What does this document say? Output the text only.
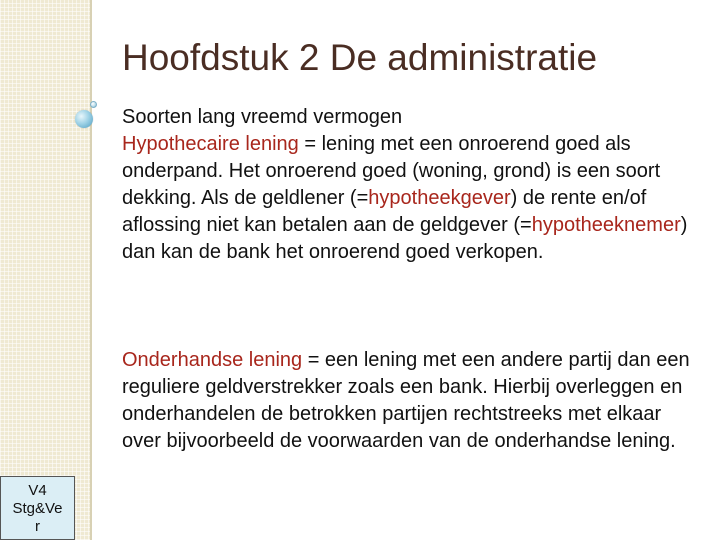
Hoofdstuk 2 De administratie

Soorten lang vreemd vermogen
Hypothecaire lening = lening met een onroerend goed als onderpand. Het onroerend goed (woning, grond) is een soort dekking. Als de geldlener (=hypotheekgever) de rente en/of aflossing niet kan betalen aan de geldgever (=hypotheeknemer) dan kan de bank het onroerend goed verkopen.

Onderhandse lening = een lening met een andere partij dan een reguliere geldverstrekker zoals een bank. Hierbij overleggen en onderhandelen de betrokken partijen rechtstreeks met elkaar over bijvoorbeeld de voorwaarden van de onderhandse lening.

V4
Stg&Ve
r
